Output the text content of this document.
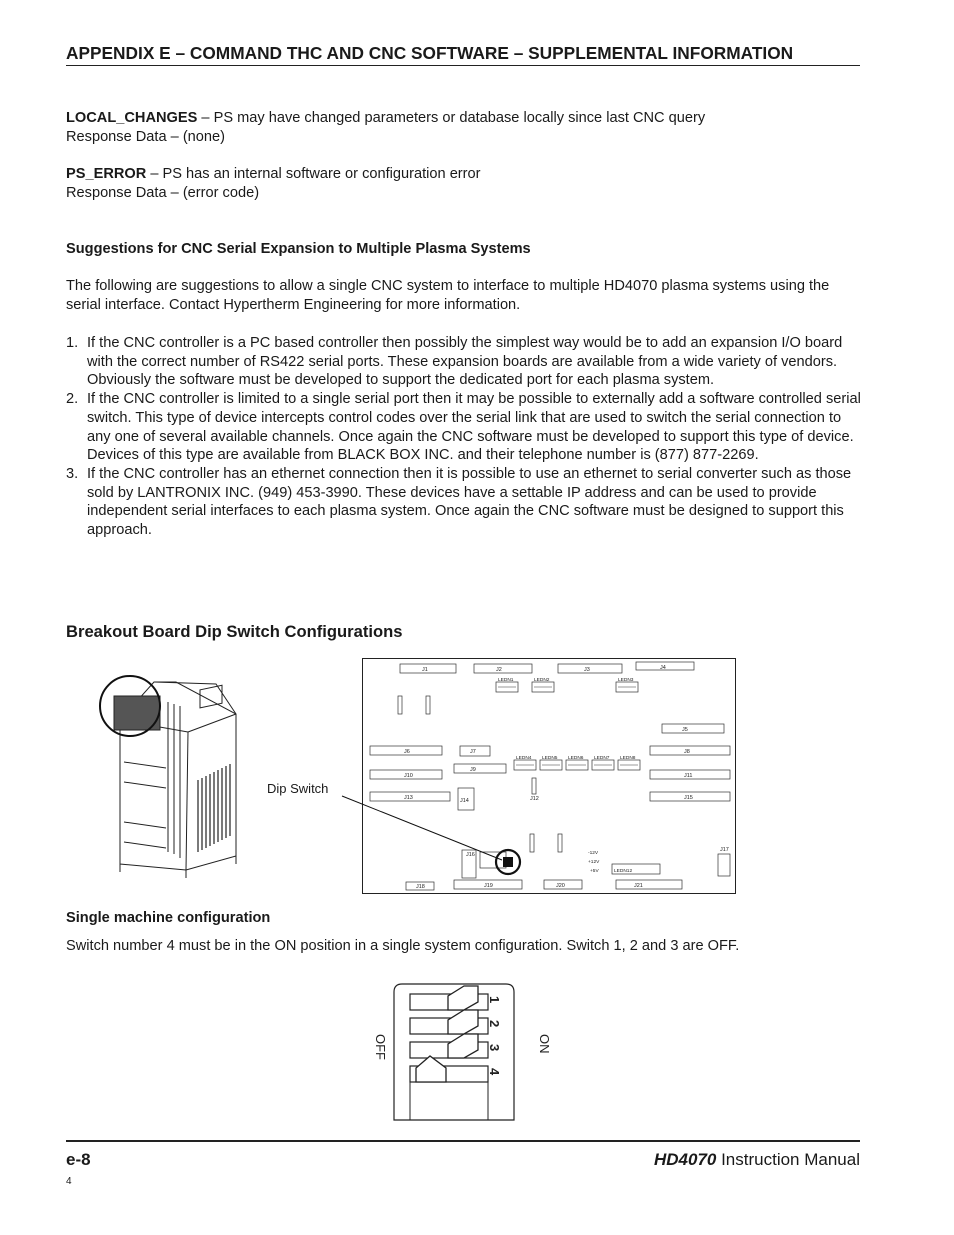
APPENDIX E – COMMAND THC AND CNC SOFTWARE – SUPPLEMENTAL INFORMATION
LOCAL_CHANGES – PS may have changed parameters or database locally since last CNC query
Response Data – (none)
PS_ERROR – PS has an internal software or configuration error
Response Data – (error code)
Suggestions for CNC Serial Expansion to Multiple Plasma Systems
The following are suggestions to allow a single CNC system to interface to multiple HD4070 plasma systems using the serial interface. Contact Hypertherm Engineering for more information.
1. If the CNC controller is a PC based controller then possibly the simplest way would be to add an expansion I/O board with the correct number of RS422 serial ports. These expansion boards are available from a wide variety of vendors. Obviously the software must be developed to support the dedicated port for each plasma system.
2. If the CNC controller is limited to a single serial port then it may be possible to externally add a software controlled serial switch. This type of device intercepts control codes over the serial link that are used to switch the serial connection to any one of several available channels. Once again the CNC software must be developed to support this type of device. Devices of this type are available from BLACK BOX INC. and their telephone number is (877) 877-2269.
3. If the CNC controller has an ethernet connection then it is possible to use an ethernet to serial converter such as those sold by LANTRONIX INC. (949) 453-3990. These devices have a settable IP address and can be used to provide independent serial interfaces to each plasma system. Once again the CNC software must be designed to support this approach.
Breakout Board Dip Switch Configurations
Dip Switch
J1	J2	J3	J4
J5
J6	J7	J8
J9
J10	J11
J12
J13	J14	J15
J16
J17
J18	J19	J20	J21
LEDN1	LEDN2	LEDN3
LEDN4 LEDN5 LEDN6 LEDN7 LEDN8
LEDN12
-12V
+12V
+5V
Single machine configuration
Switch number 4 must be in the ON position in a single system configuration. Switch 1, 2 and 3 are OFF.
1
2
3
4
OFF	ON
e-8	HD4070 Instruction Manual
4
